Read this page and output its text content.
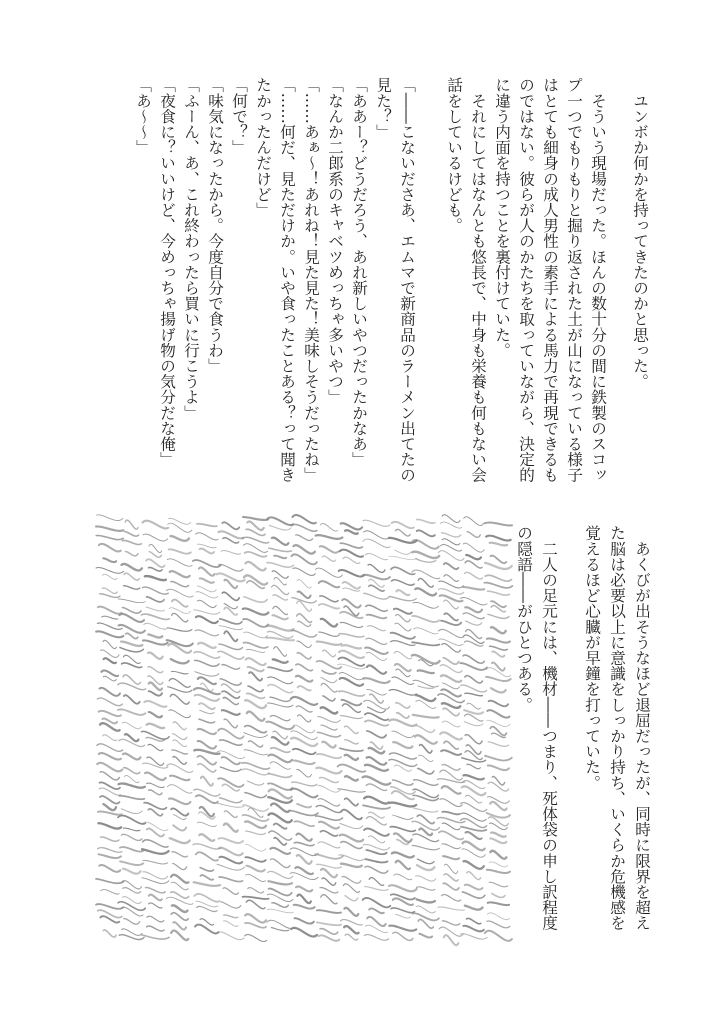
　ユンボか何かを持ってきたのかと思った。
　そういう現場だった。ほんの数十分の間に鉄製のスコッ
プ一つでもりもりと掘り返された土が山になっている様子
はとても細身の成人男性の素手による馬力で再現できるも
のではない。彼らが人のかたちを取っていながら、決定的
に違う内面を持つことを裏付けていた。
　それにしてはなんとも悠長で、中身も栄養も何もない会
話をしているけども。
「――こないださあ、エムマで新商品のラーメン出てたの
見た？」
「ああー？どうだろう、あれ新しいやつだったかなあ」
「なんか二郎系のキャベツめっちゃ多いやつ」
「……あぁ～！あれね！見た見た！美味しそうだったね」
「……何だ、見ただけか。いや食ったことある？って聞き
たかったんだけど」
「何で？」
「味気になったから。今度自分で食うわ」
「ふーん、あ、これ終わったら買いに行こうよ」
「夜食に？いいけど、今めっちゃ揚げ物の気分だな俺」
「あ～～」
　あくびが出そうなほど退屈だったが、同時に限界を超え
た脳は必要以上に意識をしっかり持ち、いくらか危機感を
覚えるほど心臓が早鐘を打っていた。
　二人の足元には、機材――つまり、死体袋の申し訳程度
の隠語――がひとつある。
